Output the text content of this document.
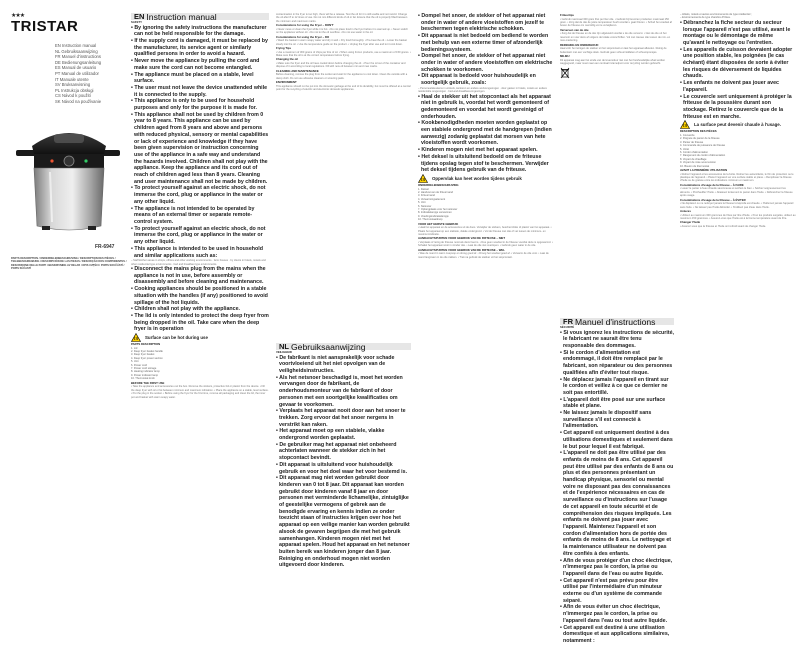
★★★
TRISTAR
EN Instruction manual
NL Gebruiksaanwijzing
FR Manuel d'instructions
DE Bedienungsanleitung
ES Manual de usuario
PT Manual de utilizador
IT Manuale utente
SV Bruksanvisning
PL Instrukcja obsługi
CS Návod k použití
SK Návod na používanie
FR-6947
PARTS DESCRIPTION / ONDERDELENBESCHRIJVING / DESCRIPTION DES PIÈCES / TEILEBESCHREIBUNG / DESCRIPCIÓN DE LAS PIEZAS / DESCRIÇÃO DOS COMPONENTES / DESCRIZIONE DELLE PARTI / BESKRIVNING AV DELAR / OPIS CZĘŚCI / POPIS SOUČÁSTÍ / POPIS SÚČASTÍ
EN Instruction manual
SAFETY
• By ignoring the safety instructions the manufacturer can not be held responsible for the damage.
• If the supply cord is damaged, it must be replaced by the manufacturer, its service agent or similarly qualified persons in order to avoid a hazard.
• Never move the appliance by pulling the cord and make sure the cord can not become entangled.
• The appliance must be placed on a stable, level surface.
• The user must not leave the device unattended while it is connected to the supply.
• This appliance is only to be used for household purposes and only for the purpose it is made for.
• This appliance shall not be used by children from 0 year to 8 years. This appliance can be used by children aged from 8 years and above and persons with reduced physical, sensory or mental capabilities or lack of experience and knowledge if they have been given supervision or instruction concerning use of the appliance in a safe way and understand the hazards involved. Children shall not play with the appliance. Keep the appliance and its cord out of reach of children aged less than 8 years. Cleaning and user maintenance shall not be made by children.
• To protect yourself against an electric shock, do not immerse the cord, plug or appliance in the water or any other liquid.
• The appliance is not intended to be operated by means of an external timer or separate remote-control system.
• To protect yourself against an electric shock, do not immerse the cord, plug or appliance in the water or any other liquid.
• This appliance is intended to be used in household and similar applications such as:
– Staff kitchen areas in shops, offices and other working environments · farm houses · by clients in hotels, motels and other residential type environments · bed and breakfast type environments.
• Disconnect the mains plug from the mains when the appliance is not in use, before assembly or disassembly and before cleaning and maintenance.
• Cooking appliances should be positioned in a stable situation with the handles (if any) positioned to avoid spillage of the hot liquids.
• Children shall not play with the appliance.
• The lid is only intended to protect the deep fryer from being dropped in the oil. Take care when the deep fryer is in operation
Surface can be hot during use
PARTS DESCRIPTION
1. Lid
2. Deep fryer basket handle
3. Deep fryer basket
4. Deep fryer power section
5. Unit
6. Power cord
7. Power cord storage
8. Heating indicator lamp
9. Power indicator lamp
10. Thermostat knob
BEFORE THE FIRST USE
• Take the appliance and accessories out the box. Remove the stickers, protective foil or plastic from the device. • Fill the deep fryer with oil or fat between minimum and maximum indication. • Place the appliance on a stable, level surface. • Put the plug in the socket. • Before using the fryer for the first time, remove all packaging and clean the lid, the inner pot and basket with warm soapy water.
contamination in the fryer is too high, there will be a release. Test the oil for it is still usable and not rancid. Change the oil after 8 to 12 times of use. Do not mix different kinds of oil or fat. Ensure that the oil is properly filled between the minimum and maximum marks.
Considerations for using the Fryer – DON'T
• Never move or clean the fryer while it is hot. • Do not place food in the fryer before it is warmed up. • Never switch on the appliance without oil. • Do not let the oil overflow. • Do not use water in the oil.
Considerations for using the Fryer – DO
• Wash the basket in warm soapy water and dry it well. • Dry food thoroughly. • Pre-heat the oil. • Lower the basket slowly into the oil. • Use the temperature guide on the product. • Unplug the fryer after use and let it cool down.
Frying Tips
• Use a maximum of 300 grams of chips per litre of oil. • When using frozen products, use a maximum of 150 grams. • Make sure that the oil is at the correct temperature before frying.
Changing the oil
• Make sure the fryer and the oil have cooled down before changing the oil. • Pour the oil out of the container and dispose of it according to local regulations. Fill with new oil between min and max marks.
CLEANING AND MAINTENANCE
Before cleaning, remove the plug from the socket and wait for the appliance to cool down. Clean the outside with a damp cloth. Do not use abrasive cleaners or scouring pads.
ENVIRONMENT
This appliance should not be put into the domestic garbage at the end of its durability, but must be offered at a central point for the recycling of electric and electronic domestic appliances.
NL Gebruiksaanwijzing
VEILIGHEID
• De fabrikant is niet aansprakelijk voor schade voortvloeiend uit het niet opvolgen van de veiligheidsinstructies.
• Als het netsnoer beschadigd is, moet het worden vervangen door de fabrikant, de onderhoudsmonteur van de fabrikant of door personen met een soortgelijke kwalificaties om gevaar te voorkomen.
• Verplaats het apparaat nooit door aan het snoer te trekken. Zorg ervoor dat het snoer nergens in verstrikt kan raken.
• Het apparaat moet op een stabiele, vlakke ondergrond worden geplaatst.
• De gebruiker mag het apparaat niet onbeheerd achterlaten wanneer de stekker zich in het stopcontact bevindt.
• Dit apparaat is uitsluitend voor huishoudelijk gebruik en voor het doel waar het voor bestemd is.
• Dit apparaat mag niet worden gebruikt door kinderen van 0 tot 8 jaar. Dit apparaat kan worden gebruikt door kinderen vanaf 8 jaar en door personen met verminderde lichamelijke, zintuiglijke of geestelijke vermogens of gebrek aan de benodigde ervaring en kennis indien ze onder toezicht staan of instructies krijgen over hoe het apparaat op een veilige manier kan worden gebruikt alsook de gevaren begrijpen die met het gebruik samenhangen. Kinderen mogen niet met het apparaat spelen. Houd het apparaat en het netsnoer buiten bereik van kinderen jonger dan 8 jaar. Reiniging en onderhoud mogen niet worden uitgevoerd door kinderen.
• Dompel het snoer, de stekker of het apparaat niet onder in water of andere vloeistoffen om jezelf te beschermen tegen elektrische schokken.
• Dit apparaat is niet bedoeld om bediend te worden met behulp van een externe timer of afzonderlijk bedieningssysteem.
• Dompel het snoer, de stekker of het apparaat niet onder in water of andere vloeistoffen om elektrische schokken te voorkomen.
• Dit apparaat is bedoeld voor huishoudelijk en soortgelijk gebruik, zoals:
– Personeelskeukens in winkels, kantoren en andere werkomgevingen · door gasten in hotels, motels en andere residentiële omgevingen · bed-and-breakfast-omgevingen.
• Haal de stekker uit het stopcontact als het apparaat niet in gebruik is, voordat het wordt gemonteerd of gedemonteerd en voordat het wordt gereinigd of onderhouden.
• Kookbenodigdheden moeten worden geplaatst op een stabiele ondergrond met de handgrepen (indien aanwezig) zodanig geplaatst dat morsen van hete vloeistoffen wordt voorkomen.
• Kinderen mogen niet met het apparaat spelen.
• Het deksel is uitsluitend bedoeld om de friteuse tijdens opslag tegen stof te beschermen. Verwijder het deksel tijdens gebruik van de friteuse.
Oppervlak kan heet worden tijdens gebruik
ONDERDELENBESCHRIJVING
1. Deksel
2. Handvat van de frituurmand
3. Frituurmand
4. Verwarmingselement
5. Unit
6. Netsnoer
7. Opbergplaats voor het netsnoer
8. Indicatielampje verwarmen
9. Voedingsindicatielampje
10. Thermostaatknop
VOOR HET EERSTE GEBRUIK
• Haal het apparaat en de accessoires uit de doos. Verwijder de stickers, beschermfolie of plastic van het apparaat. • Plaats het apparaat op een stabiele, vlakke ondergrond. • Vul de friteuse met olie of vet tussen de minimum- en maximumindicatie.
AANDACHTSPUNTEN VOOR GEBRUIK VAN DE FRITEUSE – NIET
• Verplaats of reinig de friteuse nooit als deze heet is. • Doe geen voedsel in de friteuse voordat deze is opgewarmd. • Schakel het apparaat nooit in zonder olie. • Laat de olie niet overlopen. • Gebruik geen water in de olie.
AANDACHTSPUNTEN VOOR GEBRUIK VAN DE FRITEUSE – WEL
• Was de mand in warm zeepsop en droog goed af. • Droog het voedsel goed af. • Verwarm de olie voor. • Laat de mand langzaam in de olie zakken. • Trek na gebruik de stekker uit het stopcontact.
Frituurtips
• Gebruik maximaal 300 gram friet per liter olie. • Gebruik bij bevroren producten maximaal 150 gram. • Zorg dat de olie de juiste temperatuur heeft voordat u gaat frituren. • Schud het voedsel af boven de friteuse om overtollig vet te verwijderen.
Verversen van de olie
• Zorg dat de friteuse en de olie zijn afgekoeld voordat u de olie ververst. • Giet de olie uit het reservoir en voer deze af volgens de lokale voorschriften. Vul met nieuwe olie tussen de min- en max-markering.
REINIGING EN ONDERHOUD
Haal vóór het reinigen de stekker uit het stopcontact en laat het apparaat afkoelen. Reinig de buitenkant met een vochtige doek. Gebruik geen schuurmiddelen of schuursponsjes.
MILIEU
Dit apparaat mag aan het einde van de levensduur niet met het huishoudelijke afval worden weggegooid, maar moet naar een centraal inzamelpunt voor recycling worden gebracht.
FR Manuel d'instructions
SÉCURITÉ
• Si vous ignorez les instructions de sécurité, le fabricant ne saurait être tenu responsable des dommages.
• Si le cordon d'alimentation est endommagé, il doit être remplacé par le fabricant, son réparateur ou des personnes qualifiées afin d'éviter tout risque.
• Ne déplacez jamais l'appareil en tirant sur le cordon et veillez à ce que ce dernier ne soit pas entortillé.
• L'appareil doit être posé sur une surface stable et plane.
• Ne laissez jamais le dispositif sans surveillance s'il est connecté à l'alimentation.
• Cet appareil est uniquement destiné à des utilisations domestiques et seulement dans le but pour lequel il est fabriqué.
• L'appareil ne doit pas être utilisé par des enfants de moins de 8 ans. Cet appareil peut être utilisé par des enfants de 8 ans ou plus et des personnes présentant un handicap physique, sensoriel ou mental voire ne disposant pas des connaissances et de l'expérience nécessaires en cas de surveillance ou d'instructions sur l'usage de cet appareil en toute sécurité et de compréhension des risques impliqués. Les enfants ne doivent pas jouer avec l'appareil. Maintenez l'appareil et son cordon d'alimentation hors de portée des enfants de moins de 8 ans. Le nettoyage et la maintenance utilisateur ne doivent pas être confiés à des enfants.
• Afin de vous protéger d'un choc électrique, n'immergez pas le cordon, la prise ou l'appareil dans de l'eau ou autre liquide.
• Cet appareil n'est pas prévu pour être utilisé par l'intermédiaire d'un minuteur externe ou d'un système de commande séparé.
• Afin de vous éviter un choc électrique, n'immergez pas le cordon, la prise ou l'appareil dans l'eau ou tout autre liquide.
• Cet appareil est destiné à une utilisation domestique et aux applications similaires, notamment :
– Hôtels, motels et autres environnements de type résidentiel ;
– Environnements de type chambre d'hôtes.
• Débranchez la fiche secteur du secteur lorsque l'appareil n'est pas utilisé, avant le montage ou le démontage de même qu'avant le nettoyage ou l'entretien.
• Les appareils de cuisson devraient adopter une position stable, les poignées (le cas échéant) étant disposées de sorte à éviter les risques de déversement de liquides chauds.
• Les enfants ne doivent pas jouer avec l'appareil.
• Le couvercle sert uniquement à protéger la friteuse de la poussière durant son stockage. Retirez le couvercle que de la friteuse est en marche.
La surface peut devenir chaude à l'usage.
DESCRIPTION DES PIÈCES
1. Couvercle
2. Poignée du panier de la friteuse
3. Panier de friteuse
4. Commande de puissance de friteuse
5. Unité
6. Cordon d'alimentation
7. Rangement du cordon d'alimentation
8. Voyant de chauffage
9. Voyant de mise sous tension
10. Bouton du thermostat
AVANT LA PREMIÈRE UTILISATION
• Retirez l'appareil et les accessoires de la boîte. Retirez les autocollants, le film de protection ou le plastique de l'appareil. • Placez l'appareil sur une surface stable et plane. • Remplissez la friteuse d'huile ou de graisse entre les indications minimum et maximum.
Considérations d'usage de la friteuse – À FAIRE
• Lavez le panier à l'eau chaude savonneuse et séchez-le bien. • Séchez soigneusement les aliments. • Préchauffez l'huile. • Abaissez lentement le panier dans l'huile. • Débranchez la friteuse après usage.
Considérations d'usage de la friteuse – À ÉVITER
• Ne déplacez ou ne nettoyez jamais la friteuse lorsqu'elle est chaude. • N'allumez jamais l'appareil sans huile. • Ne laissez pas l'huile déborder. • N'utilisez pas d'eau dans l'huile.
Astuces
• Utilisez au maximum 300 grammes de frites par litre d'huile. • Pour les produits surgelés, utilisez au maximum 150 grammes. • Assurez-vous que l'huile est à la bonne température avant de frire.
Changer l'huile
• Assurez-vous que la friteuse et l'huile ont refroidi avant de changer l'huile.
